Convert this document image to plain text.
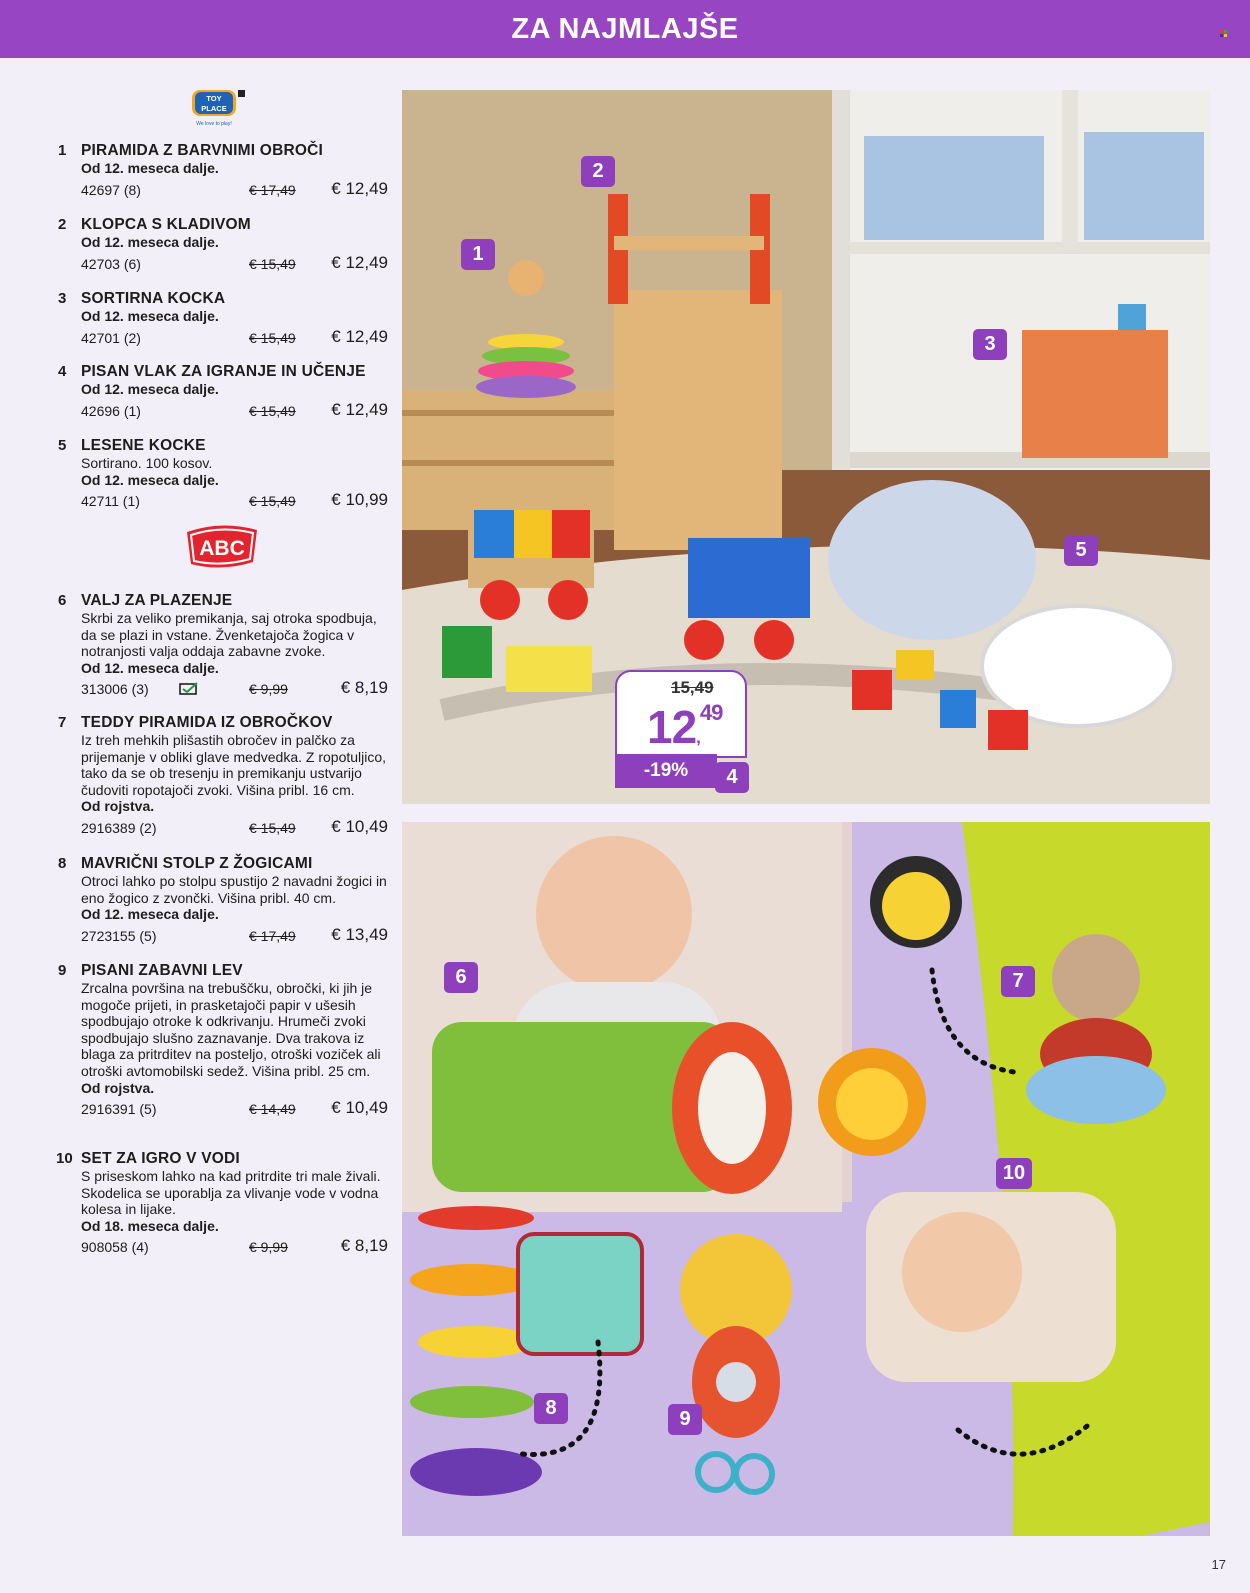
ZA NAJMLAJŠE
TOY
PLACE
We love to play!
1 PIRAMIDA Z BARVNIMI OBROČI
Od 12. meseca dalje.
42697 (8)	€ 17,49 € 12,49
2 KLOPCA S KLADIVOM
Od 12. meseca dalje.
42703 (6)	€ 15,49 € 12,49
3 SORTIRNA KOCKA
Od 12. meseca dalje.
42701 (2)	€ 15,49 € 12,49
4 PISAN VLAK ZA IGRANJE IN UČENJE
Od 12. meseca dalje.
42696 (1)	€ 15,49 € 12,49
5 LESENE KOCKE
Sortirano. 100 kosov.
Od 12. meseca dalje.
42711 (1)	€ 15,49 € 10,99
ABC
6 VALJ ZA PLAZENJE
Skrbi za veliko premikanja, saj otroka spodbuja, da se plazi in vstane. Žvenketajoča žogica v notranjosti valja oddaja zabavne zvoke.
Od 12. meseca dalje.
313006 (3)	€ 9,99	€ 8,19
7 TEDDY PIRAMIDA IZ OBROČKOV
Iz treh mehkih plišastih obročev in palčko za prijemanje v obliki glave medvedka. Z ropotuljico, tako da se ob tresenju in premikanju ustvarijo čudoviti ropotajoči zvoki. Višina pribl. 16 cm.
Od rojstva.
2916389 (2)	€ 15,49 € 10,49
8 MAVRIČNI STOLP Z ŽOGICAMI
Otroci lahko po stolpu spustijo 2 navadni žogici in eno žogico z zvončki. Višina pribl. 40 cm.
Od 12. meseca dalje.
2723155 (5)	€ 17,49 € 13,49
9 PISANI ZABAVNI LEV
Zrcalna površina na trebuščku, obročki, ki jih je mogoče prijeti, in prasketajoči papir v ušesih spodbujajo otroke k odkrivanju. Hrumeči zvoki spodbujajo slušno zaznavanje. Dva trakova iz blaga za pritrditev na posteljo, otroški voziček ali otroški avtomobilski sedež. Višina pribl. 25 cm.
Od rojstva.
2916391 (5)	€ 14,49 € 10,49
10 SET ZA IGRO V VODI
S priseskom lahko na kad pritrdite tri male živali. Skodelica se uporablja za vlivanje vode v vodna kolesa in lijake.
Od 18. meseca dalje.
908058 (4)	€ 9,99	€ 8,19
1
2
3
4
5
6	7
8	9
10
15,49
12,49
-19%
17
